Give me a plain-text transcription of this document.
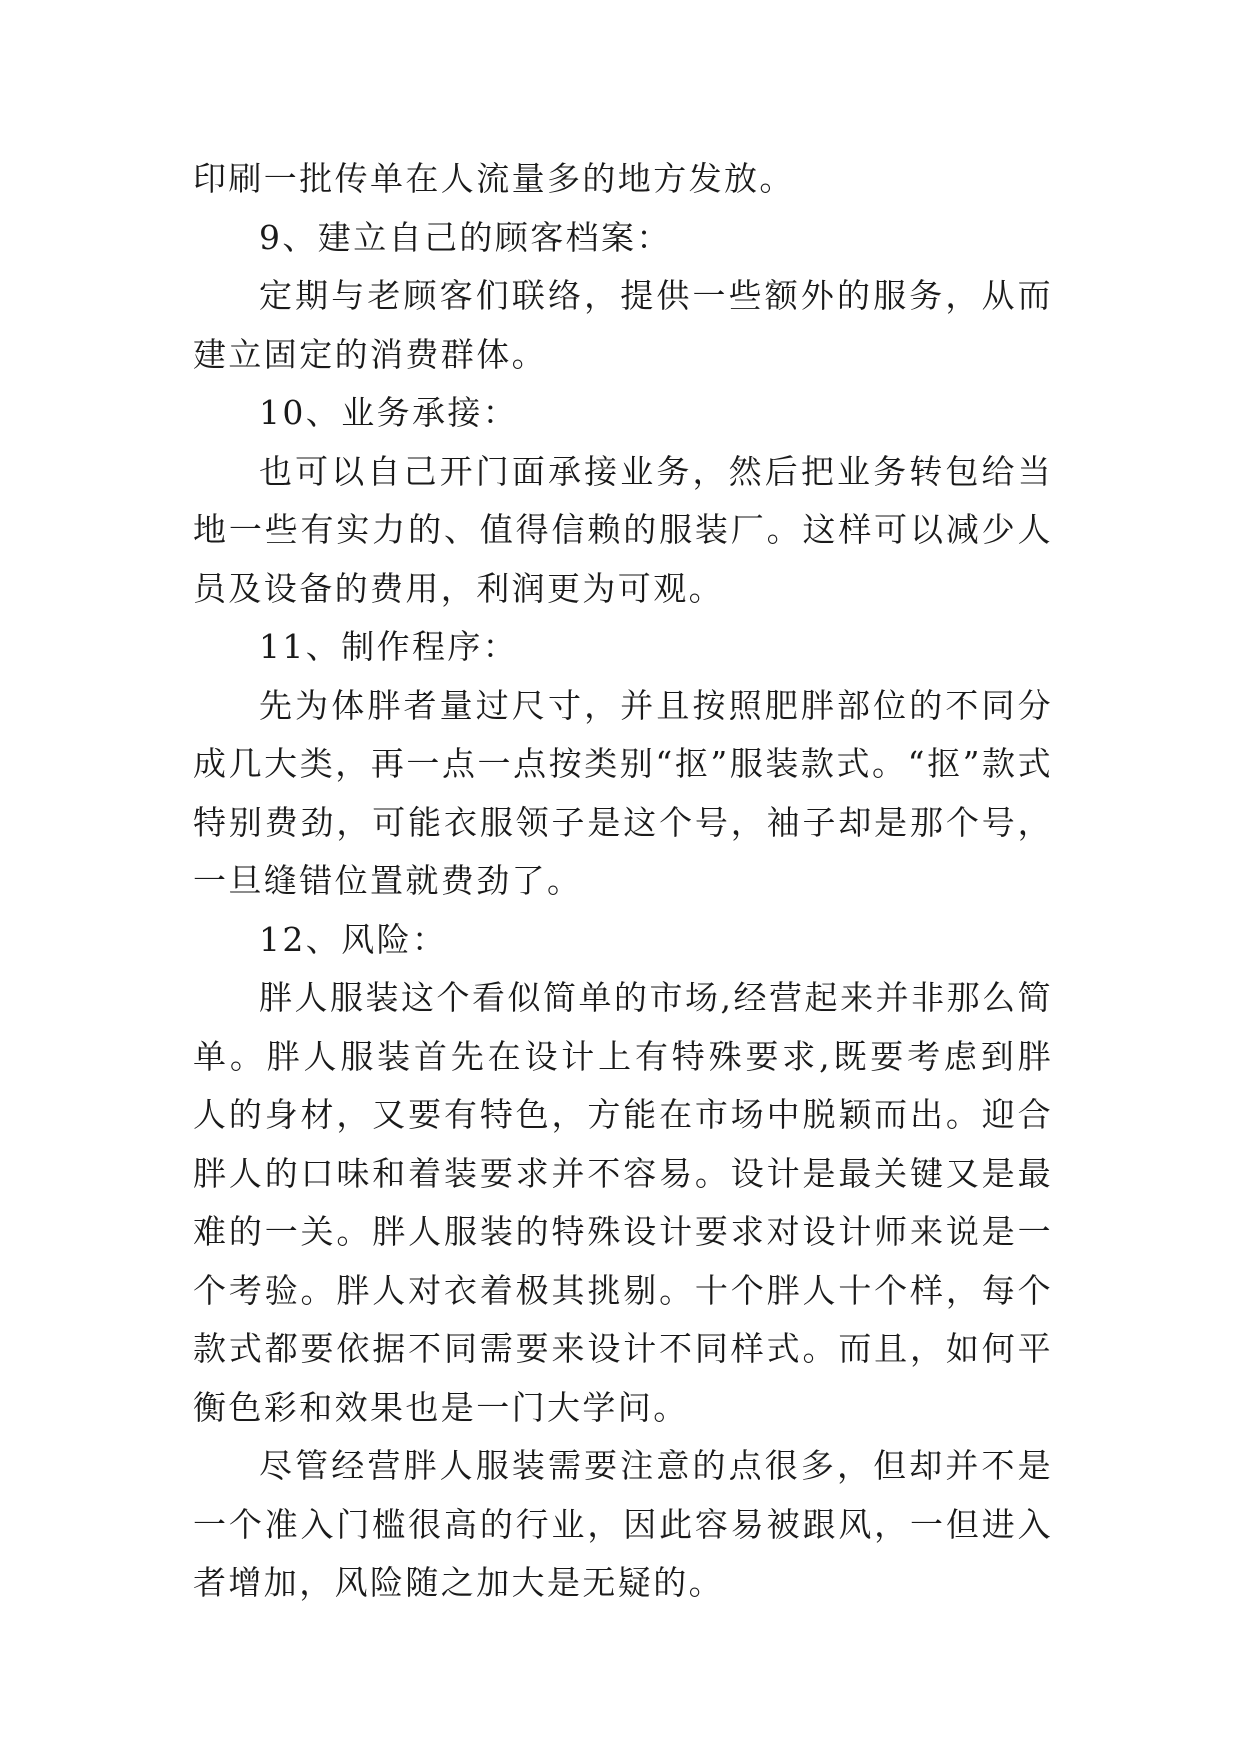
印刷一批传单在人流量多的地方发放。

9、建立自己的顾客档案：

定期与老顾客们联络，提供一些额外的服务，从而建立固定的消费群体。

10、业务承接：

也可以自己开门面承接业务，然后把业务转包给当地一些有实力的、值得信赖的服装厂。这样可以减少人员及设备的费用，利润更为可观。

11、制作程序：

先为体胖者量过尺寸，并且按照肥胖部位的不同分成几大类，再一点一点按类别“抠”服装款式。“抠”款式特别费劲，可能衣服领子是这个号，袖子却是那个号，一旦缝错位置就费劲了。

12、风险：

胖人服装这个看似简单的市场,经营起来并非那么简单。胖人服装首先在设计上有特殊要求,既要考虑到胖人的身材，又要有特色，方能在市场中脱颖而出。迎合胖人的口味和着装要求并不容易。设计是最关键又是最难的一关。胖人服装的特殊设计要求对设计师来说是一个考验。胖人对衣着极其挑剔。十个胖人十个样，每个款式都要依据不同需要来设计不同样式。而且，如何平衡色彩和效果也是一门大学问。

尽管经营胖人服装需要注意的点很多，但却并不是一个准入门槛很高的行业，因此容易被跟风，一但进入者增加，风险随之加大是无疑的。
